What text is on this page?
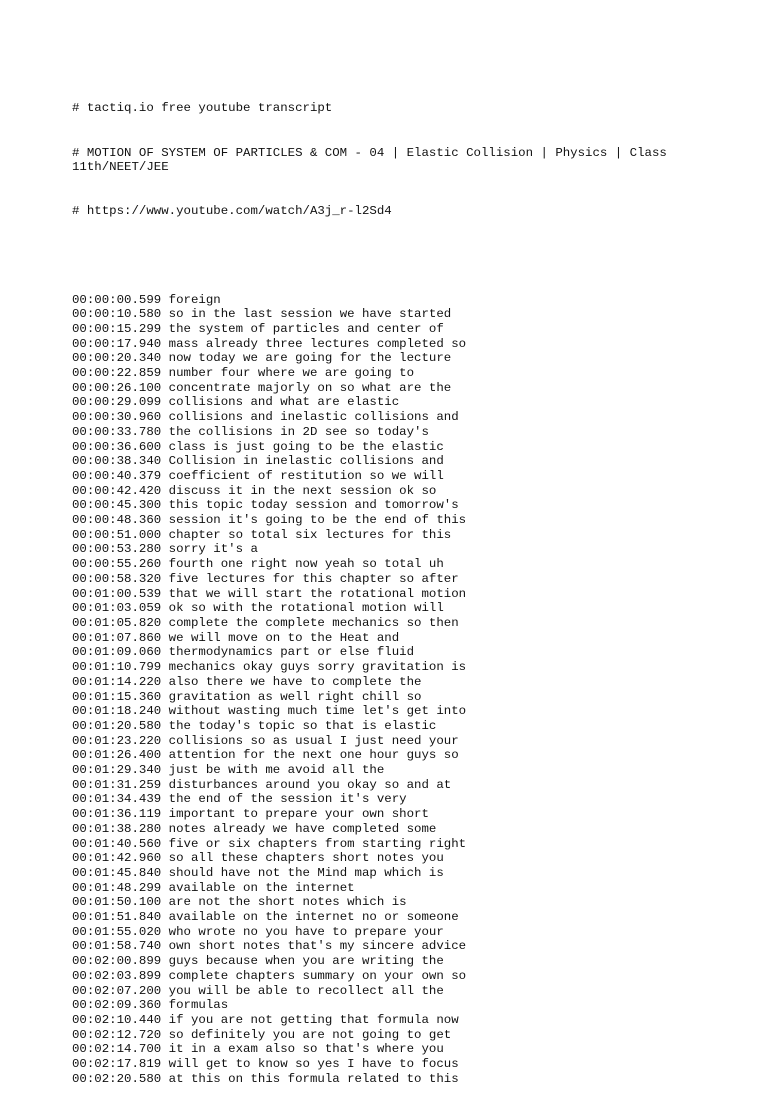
# tactiq.io free youtube transcript

# MOTION OF SYSTEM OF PARTICLES & COM - 04 | Elastic Collision | Physics | Class 11th/NEET/JEE

# https://www.youtube.com/watch/A3j_r-l2Sd4

00:00:00.599 foreign
00:00:10.580 so in the last session we have started
00:00:15.299 the system of particles and center of
00:00:17.940 mass already three lectures completed so
00:00:20.340 now today we are going for the lecture
00:00:22.859 number four where we are going to
00:00:26.100 concentrate majorly on so what are the
00:00:29.099 collisions and what are elastic
00:00:30.960 collisions and inelastic collisions and
00:00:33.780 the collisions in 2D see so today's
00:00:36.600 class is just going to be the elastic
00:00:38.340 Collision in inelastic collisions and
00:00:40.379 coefficient of restitution so we will
00:00:42.420 discuss it in the next session ok so
00:00:45.300 this topic today session and tomorrow's
00:00:48.360 session it's going to be the end of this
00:00:51.000 chapter so total six lectures for this
00:00:53.280 sorry it's a
00:00:55.260 fourth one right now yeah so total uh
00:00:58.320 five lectures for this chapter so after
00:01:00.539 that we will start the rotational motion
00:01:03.059 ok so with the rotational motion will
00:01:05.820 complete the complete mechanics so then
00:01:07.860 we will move on to the Heat and
00:01:09.060 thermodynamics part or else fluid
00:01:10.799 mechanics okay guys sorry gravitation is
00:01:14.220 also there we have to complete the
00:01:15.360 gravitation as well right chill so
00:01:18.240 without wasting much time let's get into
00:01:20.580 the today's topic so that is elastic
00:01:23.220 collisions so as usual I just need your
00:01:26.400 attention for the next one hour guys so
00:01:29.340 just be with me avoid all the
00:01:31.259 disturbances around you okay so and at
00:01:34.439 the end of the session it's very
00:01:36.119 important to prepare your own short
00:01:38.280 notes already we have completed some
00:01:40.560 five or six chapters from starting right
00:01:42.960 so all these chapters short notes you
00:01:45.840 should have not the Mind map which is
00:01:48.299 available on the internet
00:01:50.100 are not the short notes which is
00:01:51.840 available on the internet no or someone
00:01:55.020 who wrote no you have to prepare your
00:01:58.740 own short notes that's my sincere advice
00:02:00.899 guys because when you are writing the
00:02:03.899 complete chapters summary on your own so
00:02:07.200 you will be able to recollect all the
00:02:09.360 formulas
00:02:10.440 if you are not getting that formula now
00:02:12.720 so definitely you are not going to get
00:02:14.700 it in a exam also so that's where you
00:02:17.819 will get to know so yes I have to focus
00:02:20.580 at this on this formula related to this
